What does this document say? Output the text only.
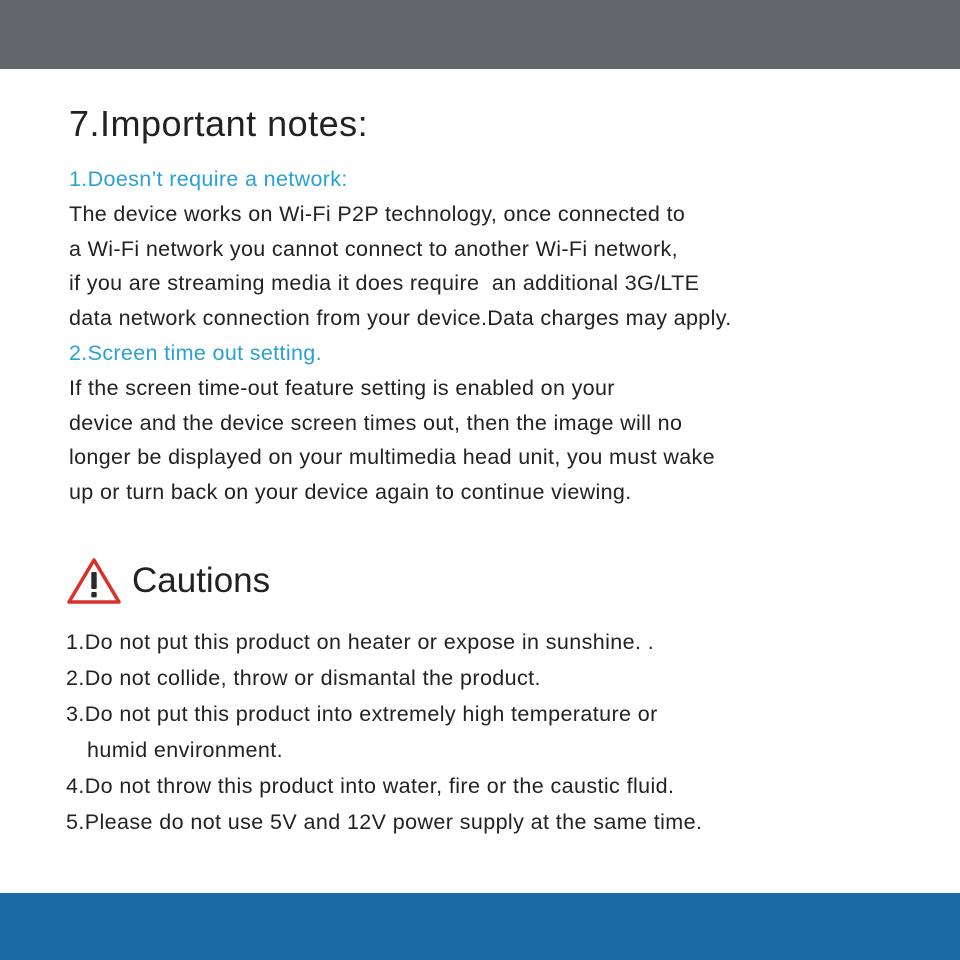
7.Important notes:
1.Doesn’t require a network:
The device works on Wi-Fi P2P technology, once connected to
a Wi-Fi network you cannot connect to another Wi-Fi network,
if you are streaming media it does require  an additional 3G/LTE
data network connection from your device.Data charges may apply.
2.Screen time out setting.
If the screen time-out feature setting is enabled on your
device and the device screen times out, then the image will no
longer be displayed on your multimedia head unit, you must wake
up or turn back on your device again to continue viewing.
Cautions
1.Do not put this product on heater or expose in sunshine. .
2.Do not collide, throw or dismantal the product.
3.Do not put this product into extremely high temperature or
humid environment.
4.Do not throw this product into water, fire or the caustic fluid.
5.Please do not use 5V and 12V power supply at the same time.
